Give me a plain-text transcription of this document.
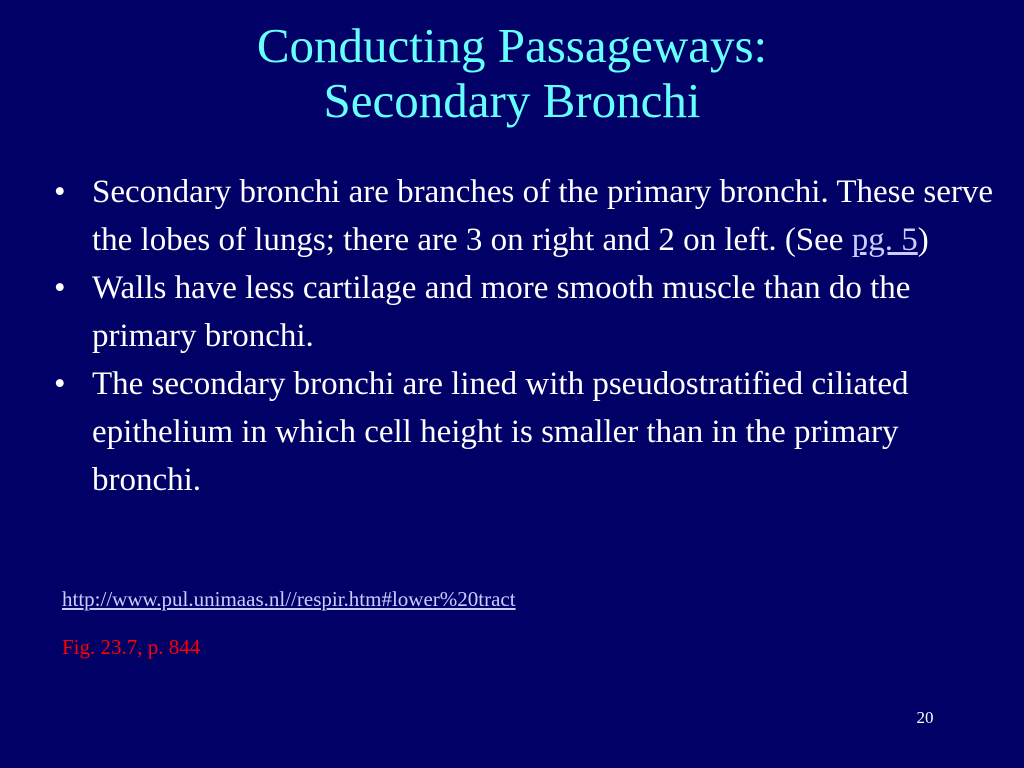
Conducting Passageways:
Secondary Bronchi
• Secondary bronchi are branches of the primary bronchi. These serve the lobes of lungs; there are 3 on right and 2 on left. (See pg. 5)
• Walls have less cartilage and more smooth muscle than do the primary bronchi.
• The secondary bronchi are lined with pseudostratified ciliated epithelium in which cell height is smaller than in the primary bronchi.
http://www.pul.unimaas.nl//respir.htm#lower%20tract
Fig. 23.7, p. 844
20
